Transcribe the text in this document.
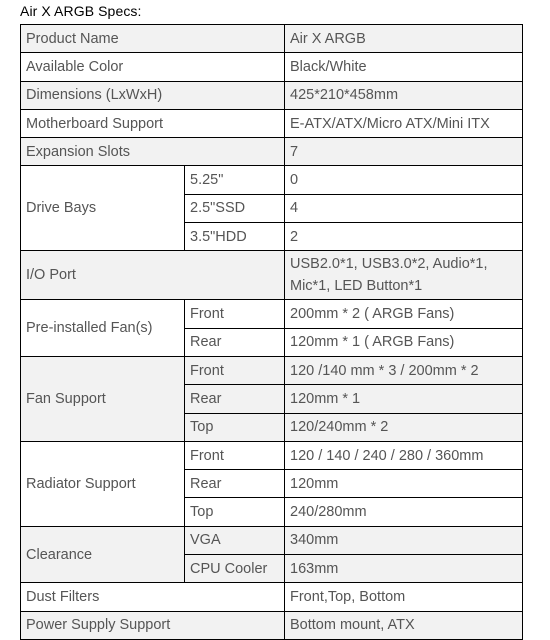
Air X ARGB Specs:
Product Name		Air X ARGB
Available Color		Black/White
Dimensions (LxWxH)		425*210*458mm
Motherboard Support		E-ATX/ATX/Micro ATX/Mini ITX
Expansion Slots		7
Drive Bays	5.25"	0
	2.5"SSD	4
	3.5"HDD	2
I/O Port		USB2.0*1, USB3.0*2, Audio*1, Mic*1, LED Button*1
Pre-installed Fan(s)	Front	200mm * 2 ( ARGB Fans)
	Rear	120mm * 1 ( ARGB Fans)
Fan Support	Front	120 /140 mm * 3 / 200mm * 2
	Rear	120mm * 1
	Top	120/240mm * 2
Radiator Support	Front	120 / 140 / 240 / 280 / 360mm
	Rear	120mm
	Top	240/280mm
Clearance	VGA	340mm
	CPU Cooler	163mm
Dust Filters		Front,Top, Bottom
Power Supply Support		Bottom mount, ATX
